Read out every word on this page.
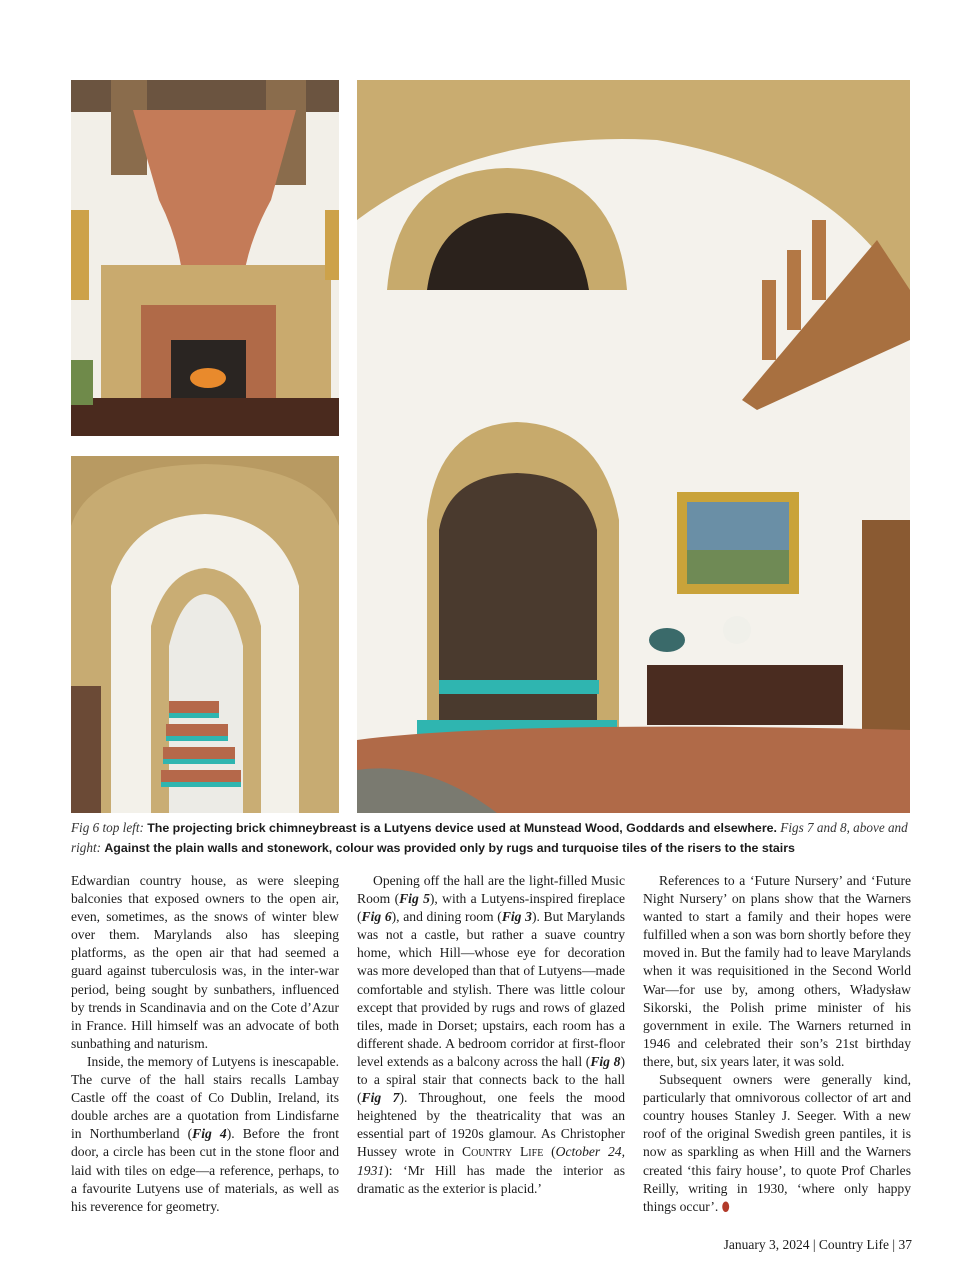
Fig 6 top left: The projecting brick chimneybreast is a Lutyens device used at Munstead Wood, Goddards and elsewhere. Figs 7 and 8, above and right: Against the plain walls and stonework, colour was provided only by rugs and turquoise tiles of the risers to the stairs

Edwardian country house, as were sleeping balconies that exposed owners to the open air, even, sometimes, as the snows of winter blew over them. Marylands also has sleeping platforms, as the open air that had seemed a guard against tuberculosis was, in the inter-war period, being sought by sunbathers, influenced by trends in Scandinavia and on the Cote d’Azur in France. Hill himself was an advocate of both sunbathing and naturism.

Inside, the memory of Lutyens is inescapable. The curve of the hall stairs recalls Lambay Castle off the coast of Co Dublin, Ireland, its double arches are a quotation from Lindisfarne in Northumberland (Fig 4). Before the front door, a circle has been cut in the stone floor and laid with tiles on edge—a reference, perhaps, to a favourite Lutyens use of materials, as well as his reverence for geometry.

Opening off the hall are the light-filled Music Room (Fig 5), with a Lutyens-inspired fireplace (Fig 6), and dining room (Fig 3). But Marylands was not a castle, but rather a suave country home, which Hill—whose eye for decoration was more developed than that of Lutyens—made comfortable and stylish. There was little colour except that provided by rugs and rows of glazed tiles, made in Dorset; upstairs, each room has a different shade. A bedroom corridor at first-floor level extends as a balcony across the hall (Fig 8) to a spiral stair that connects back to the hall (Fig 7). Throughout, one feels the mood heightened by the theatricality that was an essential part of 1920s glamour. As Christopher Hussey wrote in Country Life (October 24, 1931): ‘Mr Hill has made the interior as dramatic as the exterior is placid.’

References to a ‘Future Nursery’ and ‘Future Night Nursery’ on plans show that the Warners wanted to start a family and their hopes were fulfilled when a son was born shortly before they moved in. But the family had to leave Marylands when it was requisitioned in the Second World War—for use by, among others, Władysław Sikorski, the Polish prime minister of his government in exile. The Warners returned in 1946 and celebrated their son’s 21st birthday there, but, six years later, it was sold.

Subsequent owners were generally kind, particularly that omnivorous collector of art and country houses Stanley J. Seeger. With a new roof of the original Swedish green pantiles, it is now as sparkling as when Hill and the Warners created ‘this fairy house’, to quote Prof Charles Reilly, writing in 1930, ‘where only happy things occur’. ⬮

January 3, 2024 | Country Life | 37
